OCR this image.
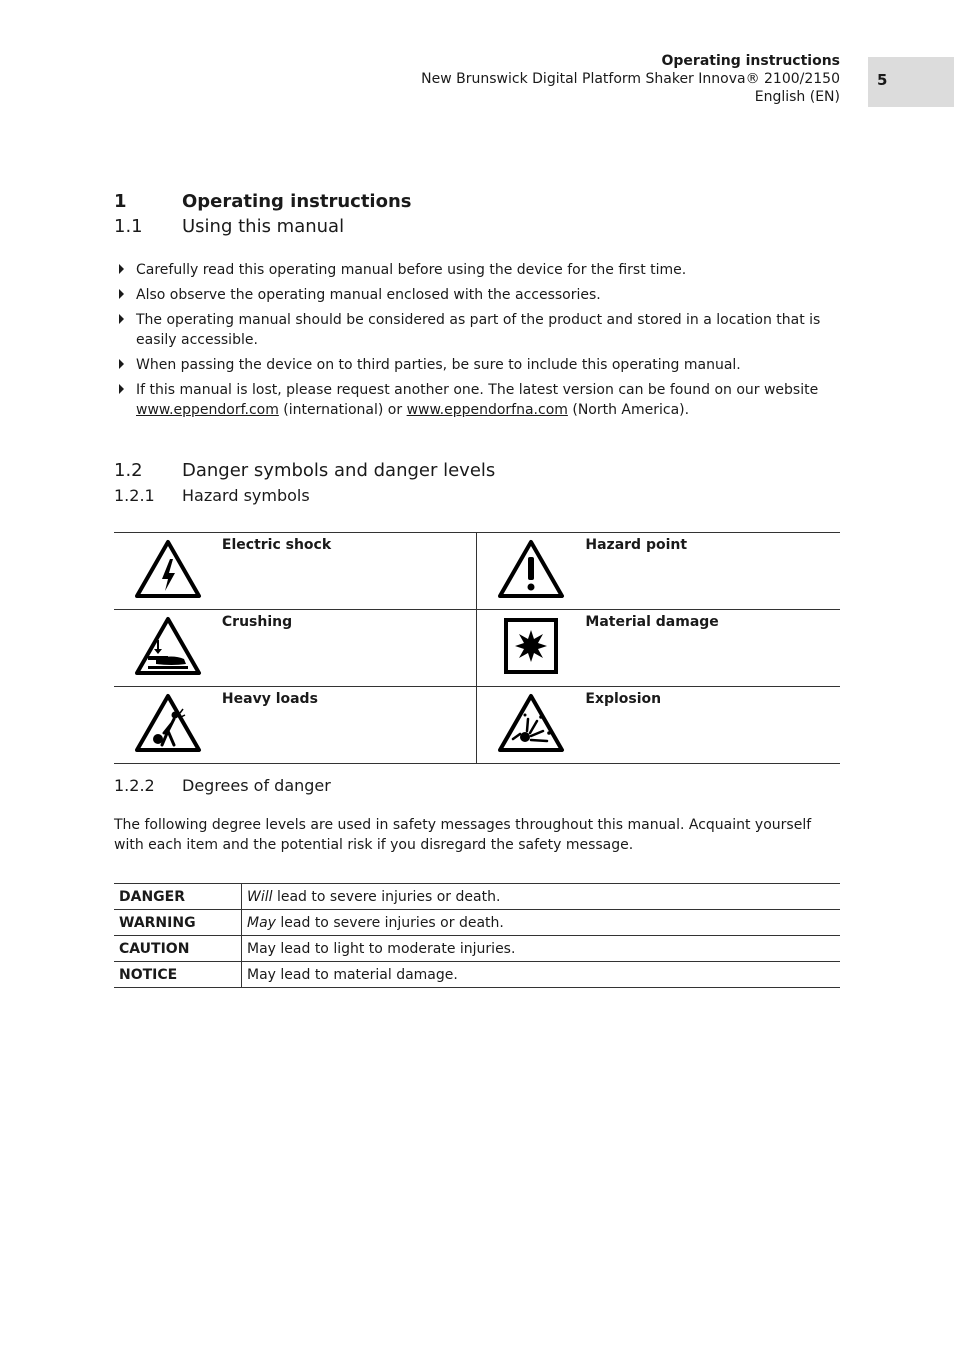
Operating instructions
New Brunswick Digital Platform Shaker Innova® 2100/2150
English (EN)
5
1	Operating instructions
1.1 Using this manual
Carefully read this operating manual before using the device for the first time.
Also observe the operating manual enclosed with the accessories.
The operating manual should be considered as part of the product and stored in a location that is easily accessible.
When passing the device on to third parties, be sure to include this operating manual.
If this manual is lost, please request another one. The latest version can be found on our website www.eppendorf.com (international) or www.eppendorfna.com (North America).
1.2 Danger symbols and danger levels
1.2.1 Hazard symbols
	Electric shock		Hazard point
	Crushing		Material damage
	Heavy loads		Explosion
1.2.2 Degrees of danger
The following degree levels are used in safety messages throughout this manual. Acquaint yourself with each item and the potential risk if you disregard the safety message.
DANGER	Will lead to severe injuries or death.
WARNING	May lead to severe injuries or death.
CAUTION	May lead to light to moderate injuries.
NOTICE	May lead to material damage.
